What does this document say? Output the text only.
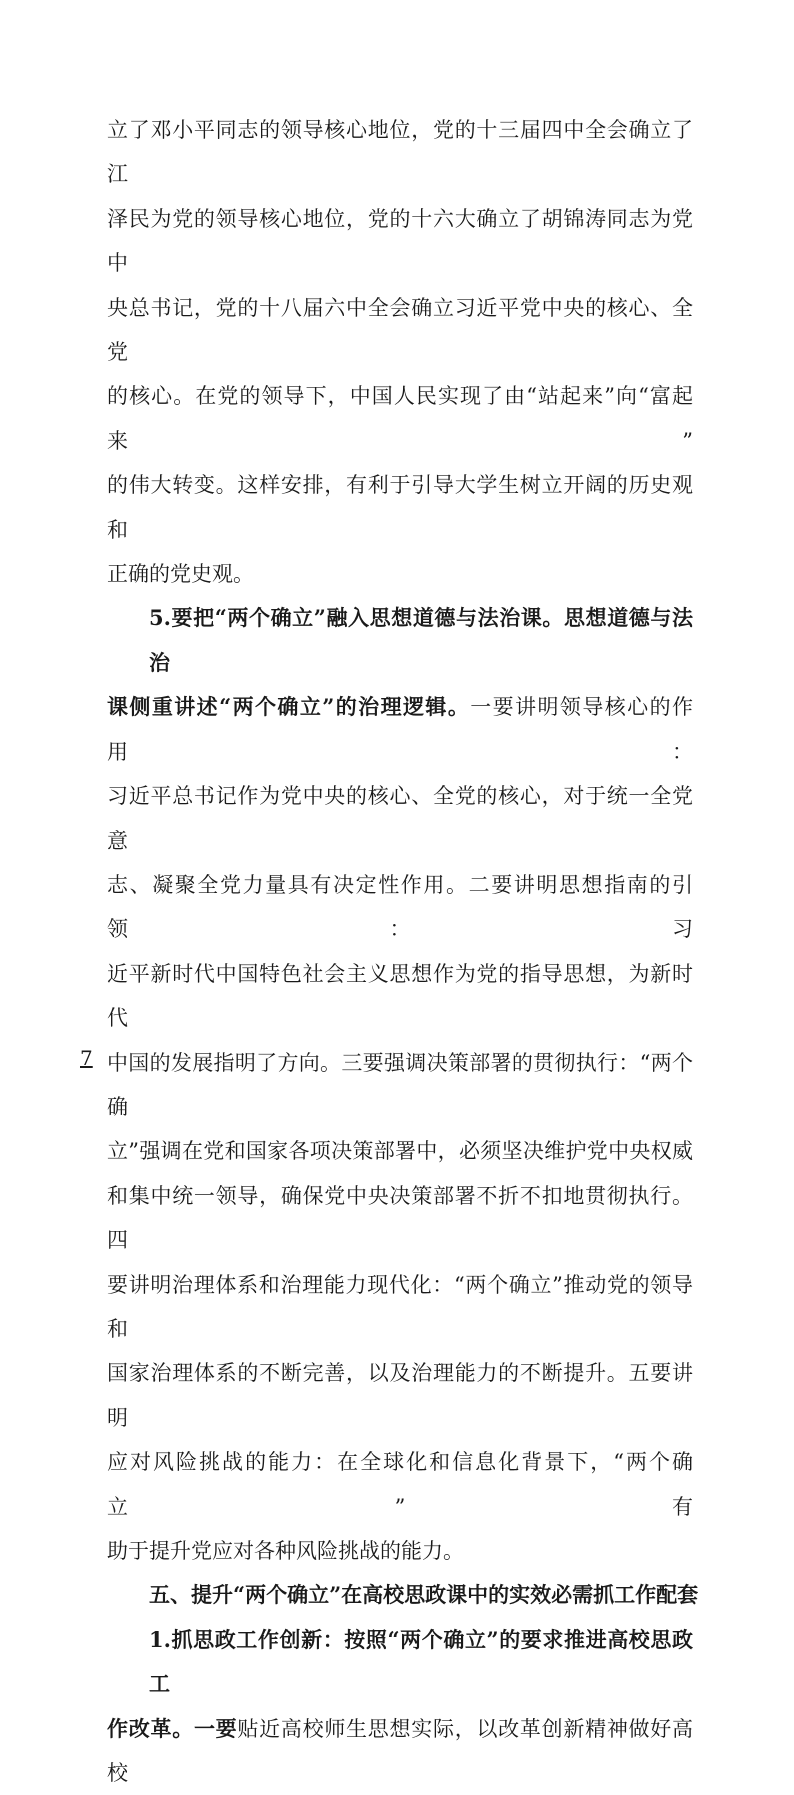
立了邓小平同志的领导核心地位，党的十三届四中全会确立了江
泽民为党的领导核心地位，党的十六大确立了胡锦涛同志为党中
央总书记，党的十八届六中全会确立习近平党中央的核心、全党
的核心。在党的领导下，中国人民实现了由“站起来”向“富起来”
的伟大转变。这样安排，有利于引导大学生树立开阔的历史观和
正确的党史观。

5.要把“两个确立”融入思想道德与法治课。思想道德与法治
课侧重讲述“两个确立”的治理逻辑。一要讲明领导核心的作用：
习近平总书记作为党中央的核心、全党的核心，对于统一全党意
志、凝聚全党力量具有决定性作用。二要讲明思想指南的引领：习
近平新时代中国特色社会主义思想作为党的指导思想，为新时代
中国的发展指明了方向。三要强调决策部署的贯彻执行：“两个确
立”强调在党和国家各项决策部署中，必须坚决维护党中央权威
和集中统一领导，确保党中央决策部署不折不扣地贯彻执行。四
要讲明治理体系和治理能力现代化：“两个确立”推动党的领导和
国家治理体系的不断完善，以及治理能力的不断提升。五要讲明
应对风险挑战的能力：在全球化和信息化背景下，“两个确立”有
助于提升党应对各种风险挑战的能力。

五、提升“两个确立”在高校思政课中的实效必需抓工作配套

1.抓思政工作创新：按照“两个确立”的要求推进高校思政工
作改革。一要贴近高校师生思想实际，以改革创新精神做好高校

7
